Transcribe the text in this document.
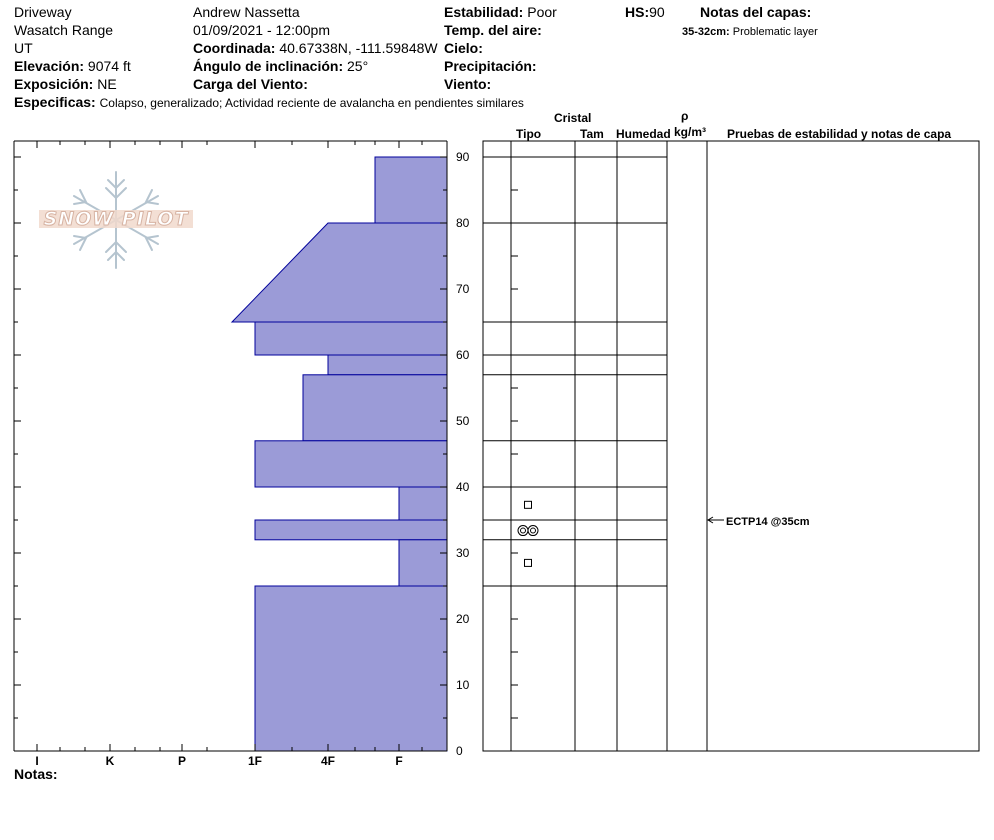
Driveway
Wasatch Range
UT
Elevación: 9074 ft
Exposición: NE
Especificas: Colapso, generalizado; Actividad reciente de avalancha en pendientes similares
Andrew Nassetta
01/09/2021 - 12:00pm
Coordinada: 40.67338N, -111.59848W
Ángulo de inclinación: 25°
Carga del Viento:
Estabilidad: Poor
Temp. del aire:
Cielo:
Precipitación:
Viento:
HS:90	Notas del capas:
35-32cm: Problematic layer
SNOW PILOT
0
10
20
30
40
50
60
70
80
90
I	K	P	1F	4F	F
Cristal
Tipo	Tam Humedad
ρ
kg/m³ Pruebas de estabilidad y notas de capa
ECTP14 @35cm
Notas:
